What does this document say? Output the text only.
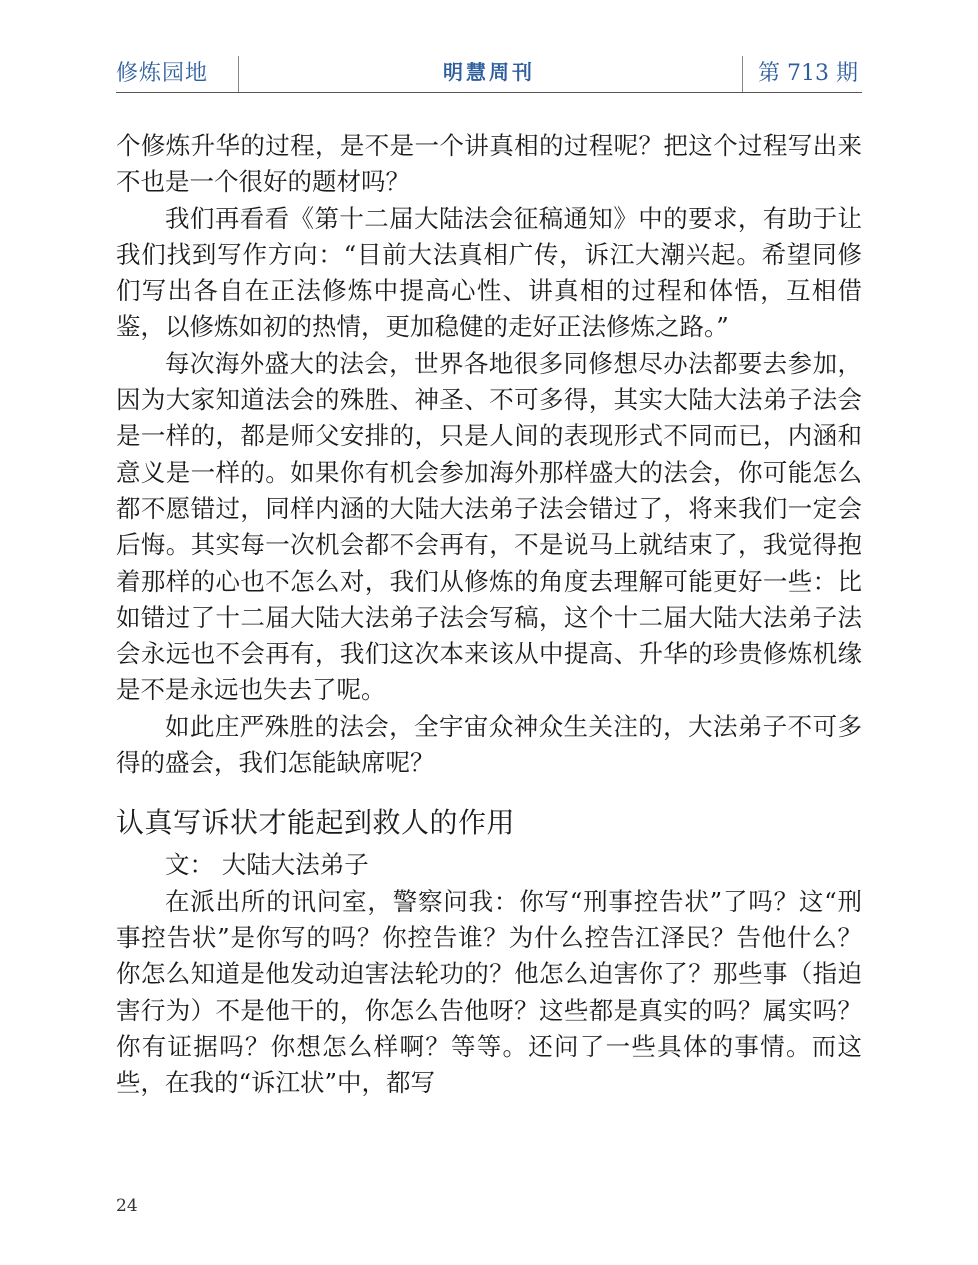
修炼园地	明慧周刊	第 713 期

个修炼升华的过程，是不是一个讲真相的过程呢？把这个过程写出来不也是一个很好的题材吗？

我们再看看《第十二届大陆法会征稿通知》中的要求，有助于让我们找到写作方向：“目前大法真相广传，诉江大潮兴起。希望同修们写出各自在正法修炼中提高心性、讲真相的过程和体悟，互相借鉴，以修炼如初的热情，更加稳健的走好正法修炼之路。”

每次海外盛大的法会，世界各地很多同修想尽办法都要去参加，因为大家知道法会的殊胜、神圣、不可多得，其实大陆大法弟子法会是一样的，都是师父安排的，只是人间的表现形式不同而已，内涵和意义是一样的。如果你有机会参加海外那样盛大的法会，你可能怎么都不愿错过，同样内涵的大陆大法弟子法会错过了，将来我们一定会后悔。其实每一次机会都不会再有，不是说马上就结束了，我觉得抱着那样的心也不怎么对，我们从修炼的角度去理解可能更好一些：比如错过了十二届大陆大法弟子法会写稿，这个十二届大陆大法弟子法会永远也不会再有，我们这次本来该从中提高、升华的珍贵修炼机缘是不是永远也失去了呢。

如此庄严殊胜的法会，全宇宙众神众生关注的，大法弟子不可多得的盛会，我们怎能缺席呢？

认真写诉状才能起到救人的作用

文： 大陆大法弟子

在派出所的讯问室，警察问我：你写“刑事控告状”了吗？这“刑事控告状”是你写的吗？你控告谁？为什么控告江泽民？告他什么？你怎么知道是他发动迫害法轮功的？他怎么迫害你了？那些事（指迫害行为）不是他干的，你怎么告他呀？这些都是真实的吗？属实吗？你有证据吗？你想怎么样啊？等等。还问了一些具体的事情。而这些，在我的“诉江状”中，都写

24
